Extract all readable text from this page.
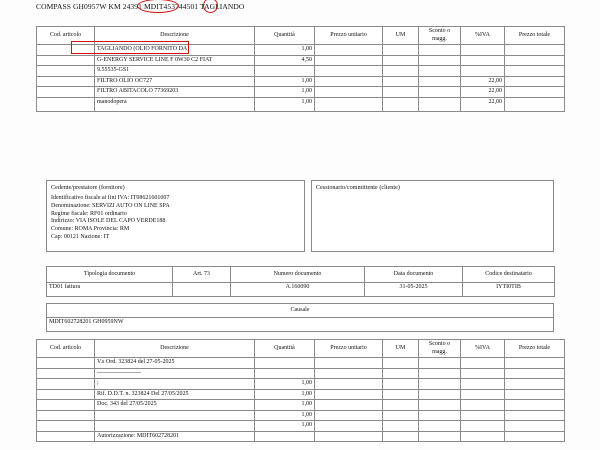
COMPASS GH0957W KM 24391 MDIT453744501 TAGLIANDO
Cod. articolo	Descrizione	Quantità	Prezzo unitario	UM	Sconto o magg.	%IVA	Prezzo totale
	TAGLIANDO (OLIO FORNITO DA)	1,00					
	G-ENERGY SERVICE LINE F 0W30 C2 FIAT	4,50					
	9.55535-GS1						
	FILTRO OLIO OC727	1,00				22,00	
	FILTRO ABITACOLO 77369203	1,00				22,00	
	manodopera	1,00				22,00	
Cedente/prestatore (fornitore)
Identificativo fiscale ai fini IVA: IT08621601007
Denominazione: SERVIZI AUTO ON LINE SPA
Regime fiscale: RF01 ordinario
Indirizzo: VIA ISOLE DEL CAPO VERDE188
Comune: ROMA Provincia: RM
Cap: 00121 Nazione: IT
Cessionario/committente (cliente)
Tipologia documento	Art. 73	Numero documento	Data documento	Codice destinatario
TD01 fattura		A.160090	31-05-2025	IYTI0TIB
Causale
MDIT602728201 GH0959NW
Cod. articolo	Descrizione	Quantità	Prezzo unitario	UM	Sconto o magg.	%IVA	Prezzo totale
	V.s Ord. 323824 del 27-05-2025						
	----------------------						
	;	1,00					
	Rif. D.D.T. n. 323824 Del 27/05/2025	1,00					
	Doc. 343 del 27/05/2025	1,00					
		1,00					
		1,00					
	Autorizzazione: MDIT602728201						
